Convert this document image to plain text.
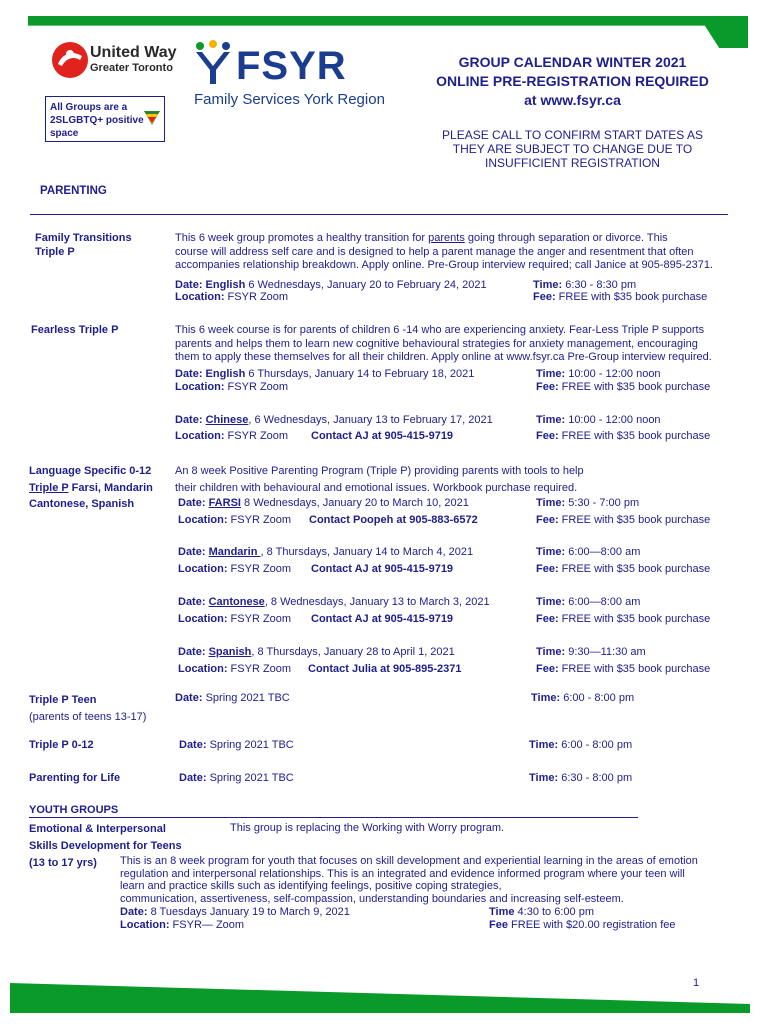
United Way
Greater Toronto FSYR
Family Services York Region
All Groups are a
2SLGBTQ+ positive
space
GROUP CALENDAR WINTER 2021
ONLINE PRE-REGISTRATION REQUIRED
at www.fsyr.ca
PLEASE CALL TO CONFIRM START DATES AS
THEY ARE SUBJECT TO CHANGE DUE TO
INSUFFICIENT REGISTRATION
PARENTING
Family Transitions
Triple P
This 6 week group promotes a healthy transition for parents going through separation or divorce. This
course will address self care and is designed to help a parent manage the anger and resentment that often
accompanies relationship breakdown. Apply online. Pre-Group interview required; call Janice at 905-895-2371.
Date: English 6 Wednesdays, January 20 to February 24, 2021
Location: FSYR Zoom
Time: 6:30 - 8:30 pm
Fee: FREE with $35 book purchase
Fearless Triple P	This 6 week course is for parents of children 6 -14 who are experiencing anxiety. Fear-Less Triple P supports
parents and helps them to learn new cognitive behavioural strategies for anxiety management, encouraging
them to apply these themselves for all their children. Apply online at www.fsyr.ca Pre-Group interview required.
Date: English 6 Thursdays, January 14 to February 18, 2021
Location: FSYR Zoom
Time: 10:00 - 12:00 noon
Fee: FREE with $35 book purchase
Date: Chinese, 6 Wednesdays, January 13 to February 17, 2021
Location: FSYR Zoom Contact AJ at 905-415-9719
Time: 10:00 - 12:00 noon
Fee: FREE with $35 book purchase
Language Specific 0-12
Triple P Farsi, Mandarin
Cantonese, Spanish
An 8 week Positive Parenting Program (Triple P) providing parents with tools to help
their children with behavioural and emotional issues. Workbook purchase required.
Date: FARSI 8 Wednesdays, January 20 to March 10, 2021
Location: FSYR Zoom Contact Poopeh at 905-883-6572
Time: 5:30 - 7:00 pm
Fee: FREE with $35 book purchase
Date: Mandarin , 8 Thursdays, January 14 to March 4, 2021
Location: FSYR Zoom Contact AJ at 905-415-9719
Time: 6:00—8:00 am
Fee: FREE with $35 book purchase
Date: Cantonese, 8 Wednesdays, January 13 to March 3, 2021
Location: FSYR Zoom Contact AJ at 905-415-9719
Time: 6:00—8:00 am
Fee: FREE with $35 book purchase
Date: Spanish, 8 Thursdays, January 28 to April 1, 2021
Location: FSYR Zoom Contact Julia at 905-895-2371
Time: 9:30—11:30 am
Fee: FREE with $35 book purchase
Triple P Teen
(parents of teens 13-17)
Date: Spring 2021 TBC	Time: 6:00 - 8:00 pm
Triple P 0-12	Date: Spring 2021 TBC	Time: 6:00 - 8:00 pm
Parenting for Life	Date: Spring 2021 TBC	Time: 6:30 - 8:00 pm
YOUTH GROUPS
Emotional & Interpersonal
Skills Development for Teens
(13 to 17 yrs)
This group is replacing the Working with Worry program.
This is an 8 week program for youth that focuses on skill development and experiential learning in the areas of emotion
regulation and interpersonal relationships. This is an integrated and evidence informed program where your teen will
learn and practice skills such as identifying feelings, positive coping strategies,
communication, assertiveness, self-compassion, understanding boundaries and increasing self-esteem.
Date: 8 Tuesdays January 19 to March 9, 2021
Location: FSYR— Zoom
Time 4:30 to 6:00 pm
Fee FREE with $20.00 registration fee
1
